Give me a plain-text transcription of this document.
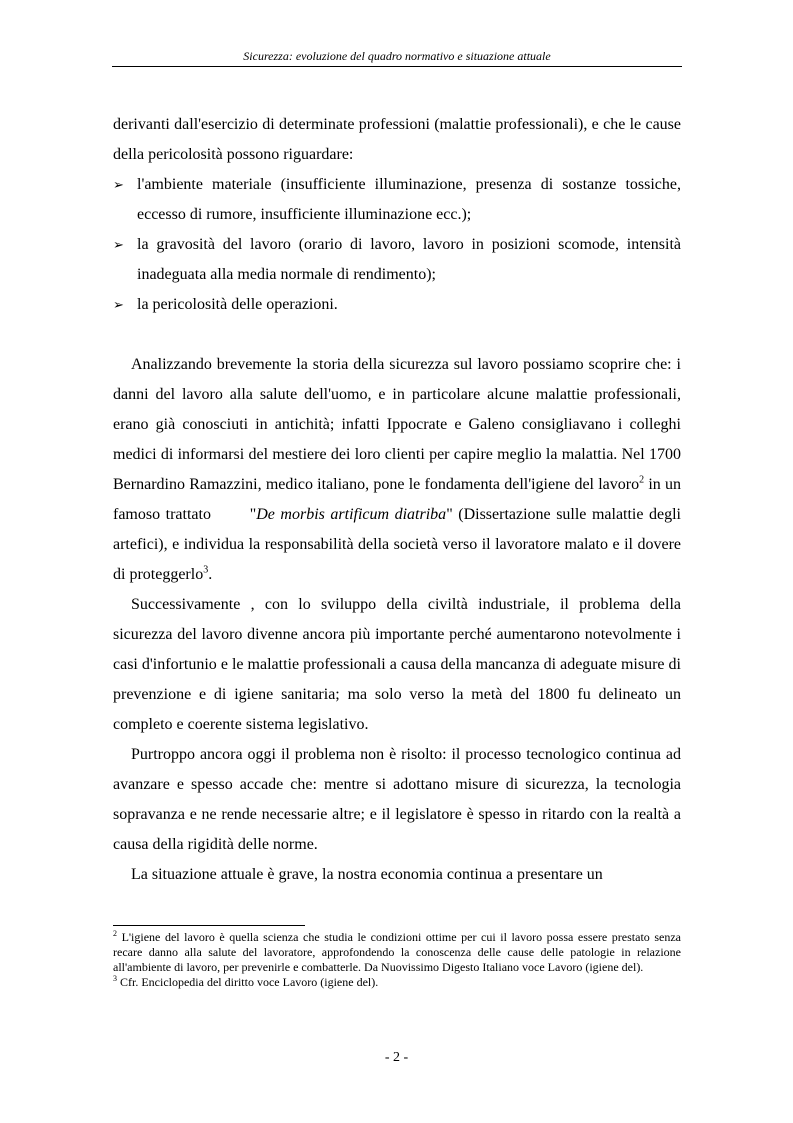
Sicurezza: evoluzione del quadro normativo e situazione attuale

derivanti dall'esercizio di determinate professioni (malattie professionali), e che le cause della pericolosità possono riguardare:

➢ l'ambiente materiale (insufficiente illuminazione, presenza di sostanze tossiche, eccesso di rumore, insufficiente illuminazione ecc.);
➢ la gravosità del lavoro (orario di lavoro, lavoro in posizioni scomode, intensità inadeguata alla media normale di rendimento);
➢ la pericolosità delle operazioni.

Analizzando brevemente la storia della sicurezza sul lavoro possiamo scoprire che: i danni del lavoro alla salute dell'uomo, e in particolare alcune malattie professionali, erano già conosciuti in antichità; infatti Ippocrate e Galeno consigliavano i colleghi medici di informarsi del mestiere dei loro clienti per capire meglio la malattia. Nel 1700 Bernardino Ramazzini, medico italiano, pone le fondamenta dell'igiene del lavoro$^2$ in un famoso trattato       "De morbis artificum diatriba" (Dissertazione sulle malattie degli artefici), e individua la responsabilità della società verso il lavoratore malato e il dovere di proteggerlo$^3$.

Successivamente , con lo sviluppo della civiltà industriale, il problema della sicurezza del lavoro divenne ancora più importante perché aumentarono notevolmente i casi d'infortunio e le malattie professionali a causa della mancanza di adeguate misure di prevenzione e di igiene sanitaria; ma solo verso la metà del 1800 fu delineato un completo e coerente sistema legislativo.

Purtroppo ancora oggi il problema non è risolto: il processo tecnologico continua ad avanzare e spesso accade che: mentre si adottano misure di sicurezza, la tecnologia sopravanza e ne rende necessarie altre; e il legislatore è spesso in ritardo con la realtà a causa della rigidità delle norme.

La situazione attuale è grave, la nostra economia continua a presentare un

$^2$ L'igiene del lavoro è quella scienza che studia le condizioni ottime per cui il lavoro possa essere prestato senza recare danno alla salute del lavoratore, approfondendo la conoscenza delle cause delle patologie in relazione all'ambiente di lavoro, per prevenirle e combatterle. Da Nuovissimo Digesto Italiano voce Lavoro (igiene del).

$^3$ Cfr. Enciclopedia del diritto voce Lavoro (igiene del).

- 2 -
